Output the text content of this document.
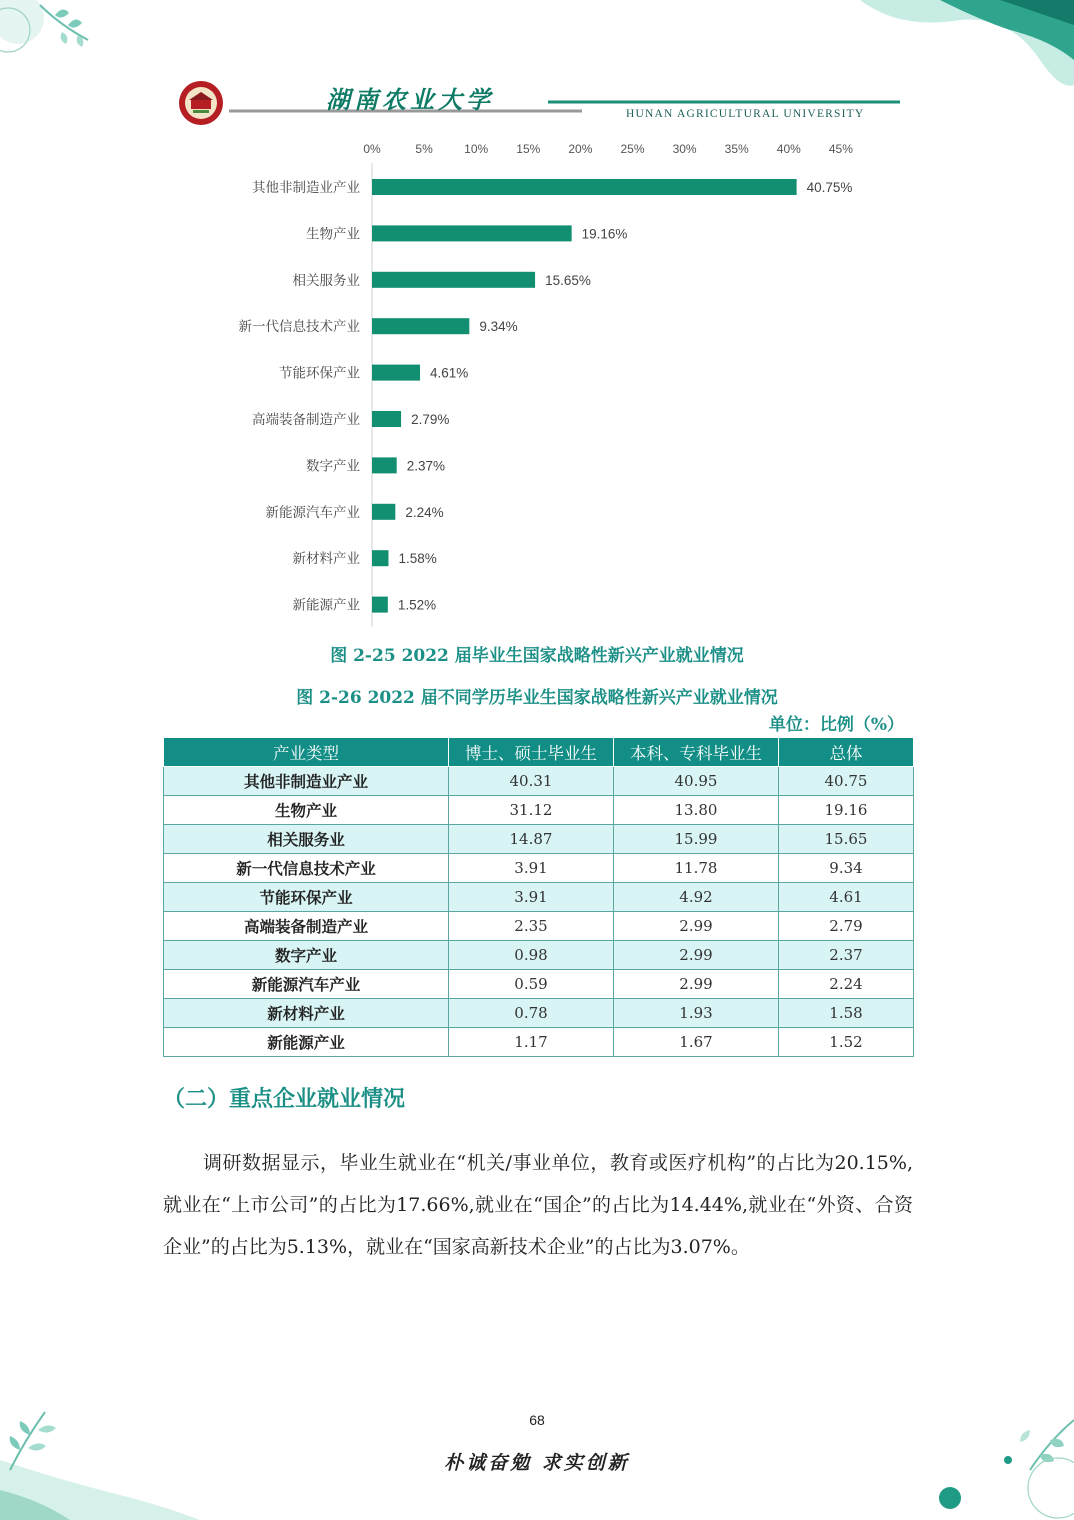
湖南农业大学	HUNAN AGRICULTURAL UNIVERSITY
0%	5%	10% 15% 20% 25% 30% 35% 40% 45%
其他非制造业产业
生物产业
相关服务业
新一代信息技术产业
节能环保产业
高端装备制造产业
数字产业
新能源汽车产业
新材料产业
新能源产业
40.75%
19.16%
15.65%
9.34%
4.61%
2.79%
2.37%
2.24%
1.58%
1.52%
图 2-25 2022 届毕业生国家战略性新兴产业就业情况
图 2-26 2022 届不同学历毕业生国家战略性新兴产业就业情况
单位：比例（%）
产业类型	博士、硕士毕业生	本科、专科毕业生	总体
其他非制造业产业	40.31	40.95	40.75
生物产业	31.12	13.80	19.16
相关服务业	14.87	15.99	15.65
新一代信息技术产业	3.91	11.78	9.34
节能环保产业	3.91	4.92	4.61
高端装备制造产业	2.35	2.99	2.79
数字产业	0.98	2.99	2.37
新能源汽车产业	0.59	2.99	2.24
新材料产业	0.78	1.93	1.58
新能源产业	1.17	1.67	1.52
（二）重点企业就业情况
调研数据显示，毕业生就业在“机关/事业单位，教育或医疗机构”的占比为20.15%,就业在“上市公司”的占比为17.66%,就业在“国企”的占比为14.44%,就业在“外资、合资企业”的占比为5.13%，就业在“国家高新技术企业”的占比为3.07%。
68
朴诚奋勉 求实创新
